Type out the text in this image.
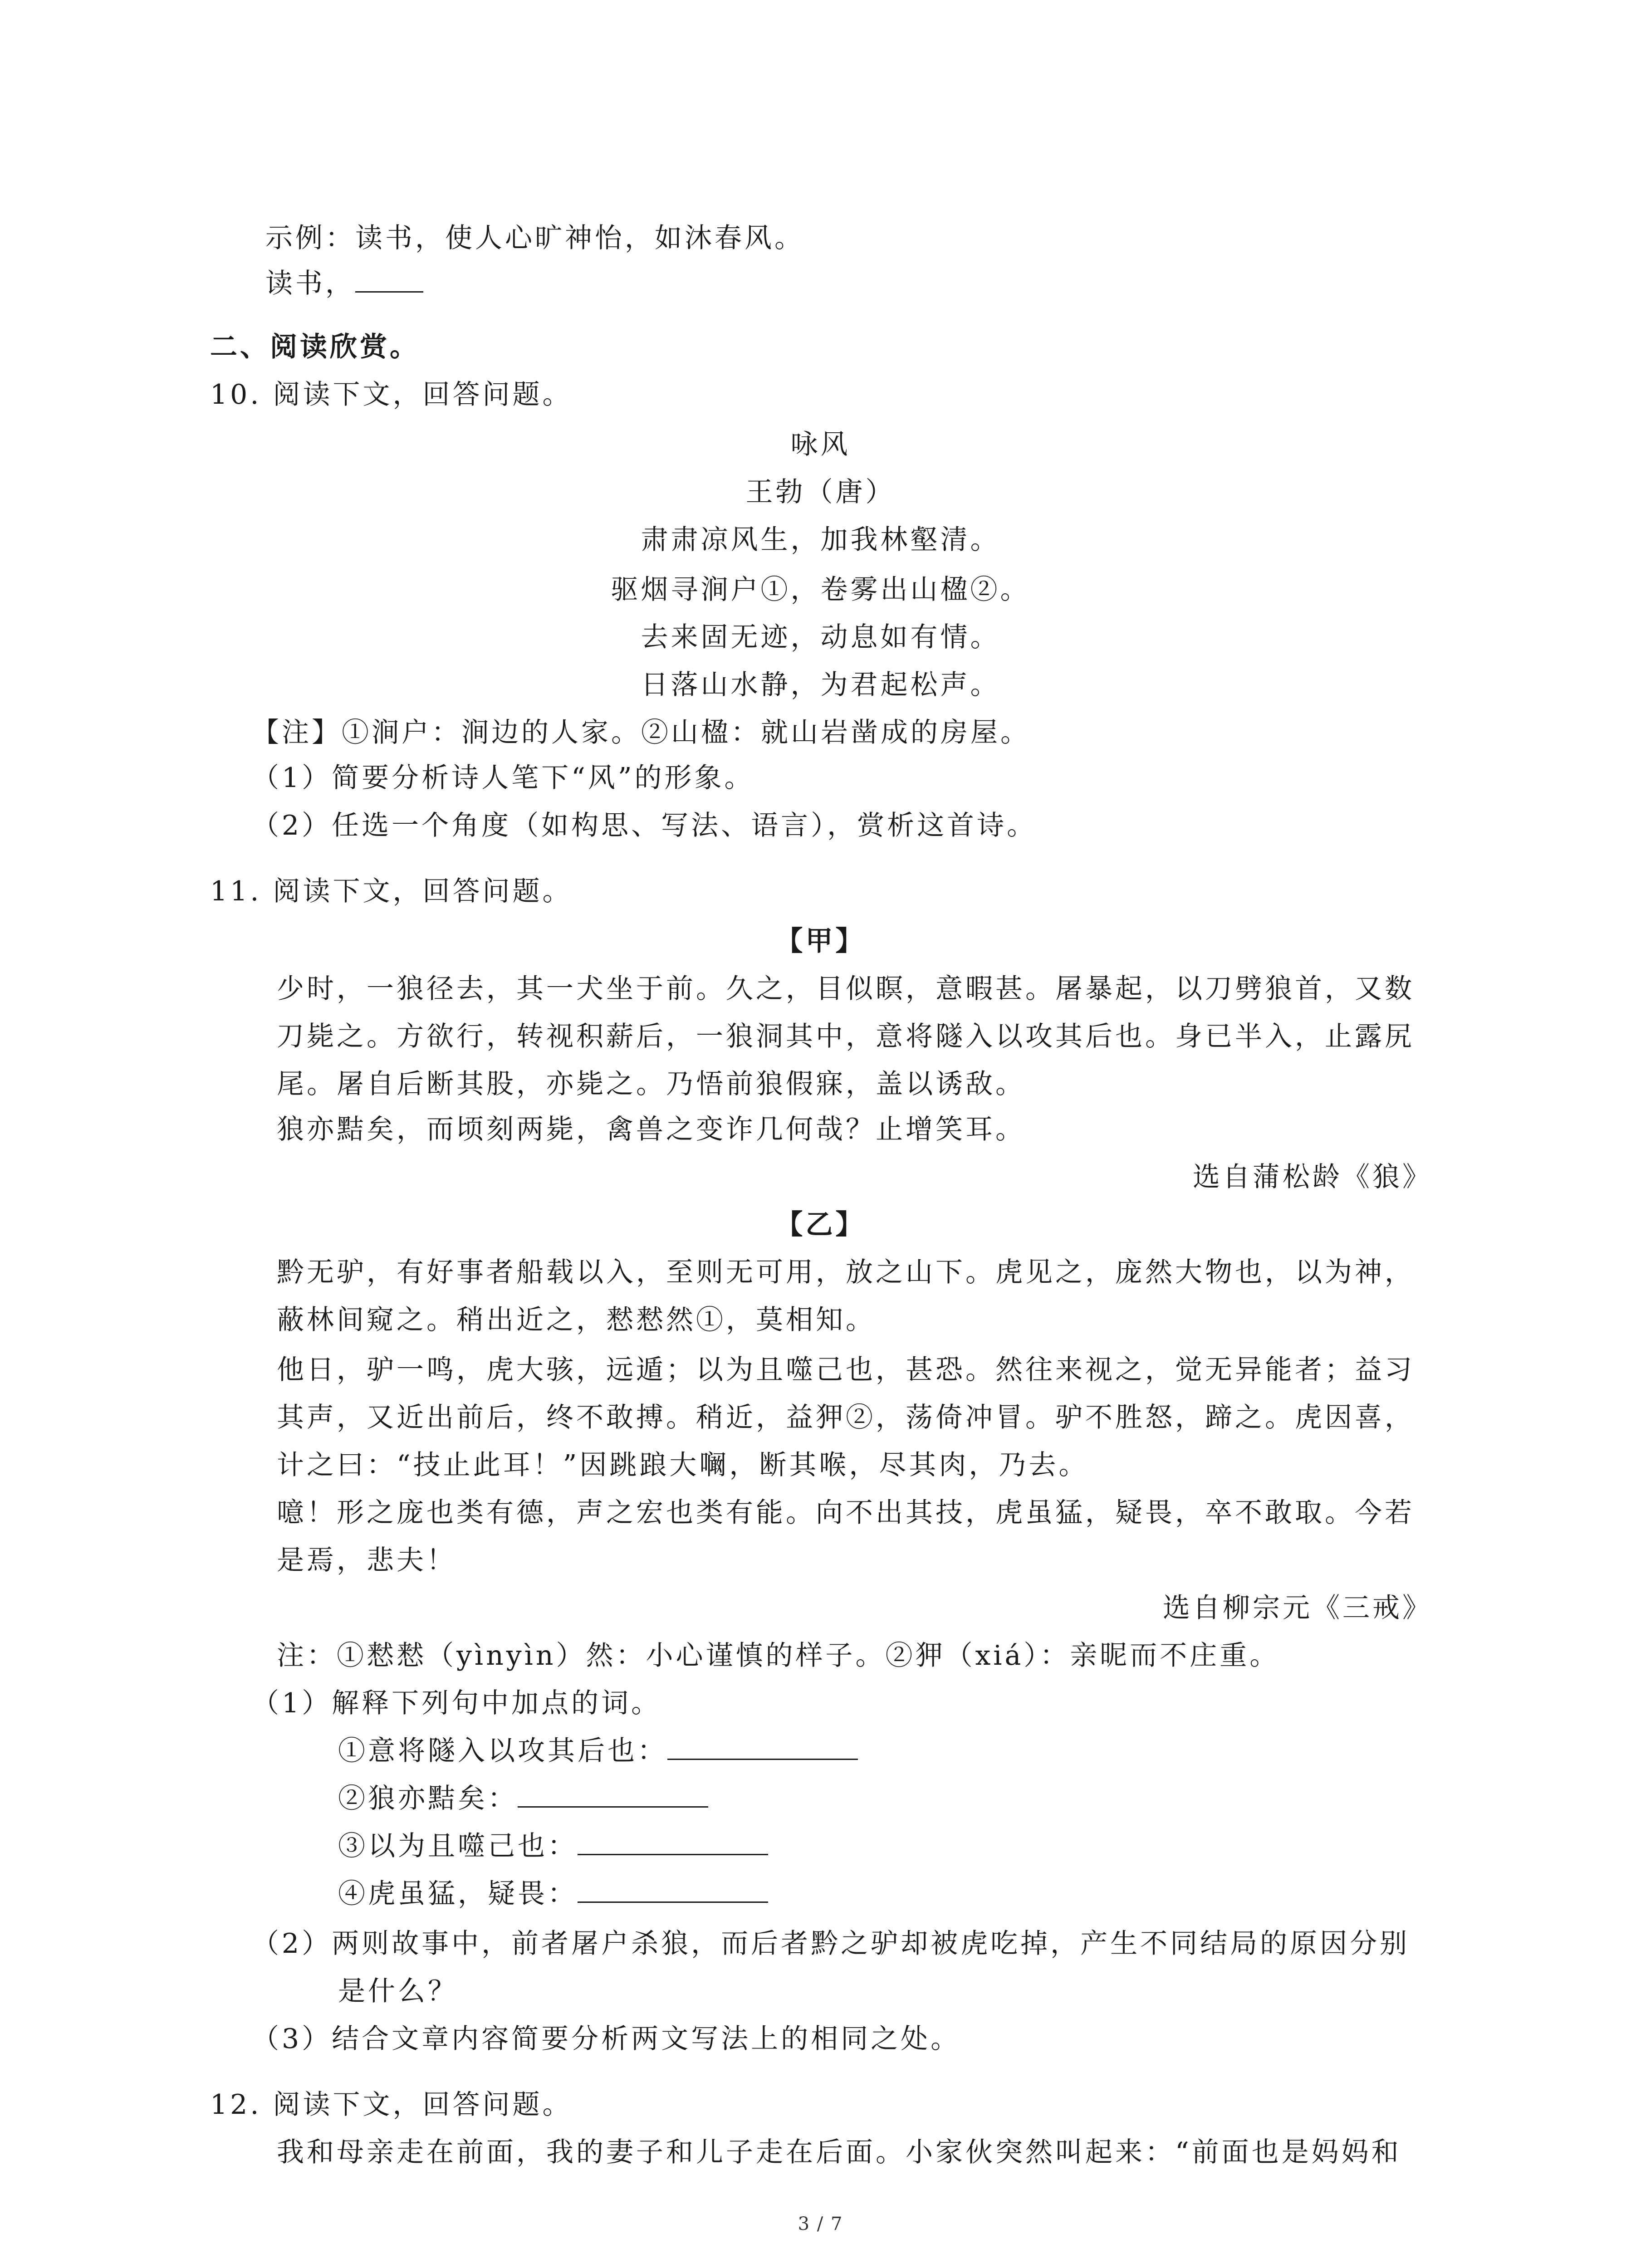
示例：读书，使人心旷神怡，如沐春风。
读书，
二、阅读欣赏。
10. 阅读下文，回答问题。
咏风
王勃（唐）
肃肃凉风生，加我林壑清。
驱烟寻涧户①，卷雾出山楹②。
去来固无迹，动息如有情。
日落山水静，为君起松声。
【注】①涧户：涧边的人家。②山楹：就山岩凿成的房屋。
（1）简要分析诗人笔下“风”的形象。
（2）任选一个角度（如构思、写法、语言），赏析这首诗。
11. 阅读下文，回答问题。
【甲】
少时，一狼径去，其一犬坐于前。久之，目似瞑，意暇甚。屠暴起，以刀劈狼首，又数
刀毙之。方欲行，转视积薪后，一狼洞其中，意将隧入以攻其后也。身已半入，止露尻
尾。屠自后断其股，亦毙之。乃悟前狼假寐，盖以诱敌。
狼亦黠矣，而顷刻两毙，禽兽之变诈几何哉？止增笑耳。
选自蒲松龄《狼》
【乙】
黔无驴，有好事者船载以入，至则无可用，放之山下。虎见之，庞然大物也，以为神，
蔽林间窥之。稍出近之，慭慭然①，莫相知。
他日，驴一鸣，虎大骇，远遁；以为且噬己也，甚恐。然往来视之，觉无异能者；益习
其声，又近出前后，终不敢搏。稍近，益狎②，荡倚冲冒。驴不胜怒，蹄之。虎因喜，
计之曰：“技止此耳！”因跳踉大㘎，断其喉，尽其肉，乃去。
噫！形之庞也类有德，声之宏也类有能。向不出其技，虎虽猛，疑畏，卒不敢取。今若
是焉，悲夫！
选自柳宗元《三戒》
注：①慭慭（yìnyìn）然：小心谨慎的样子。②狎（xiá）：亲昵而不庄重。
（1）解释下列句中加点的词。
①意将隧入以攻其后也：
②狼亦黠矣：
③以为且噬己也：
④虎虽猛，疑畏：
（2）两则故事中，前者屠户杀狼，而后者黔之驴却被虎吃掉，产生不同结局的原因分别
是什么？
（3）结合文章内容简要分析两文写法上的相同之处。
12. 阅读下文，回答问题。
我和母亲走在前面，我的妻子和儿子走在后面。小家伙突然叫起来：“前面也是妈妈和
3 / 7
